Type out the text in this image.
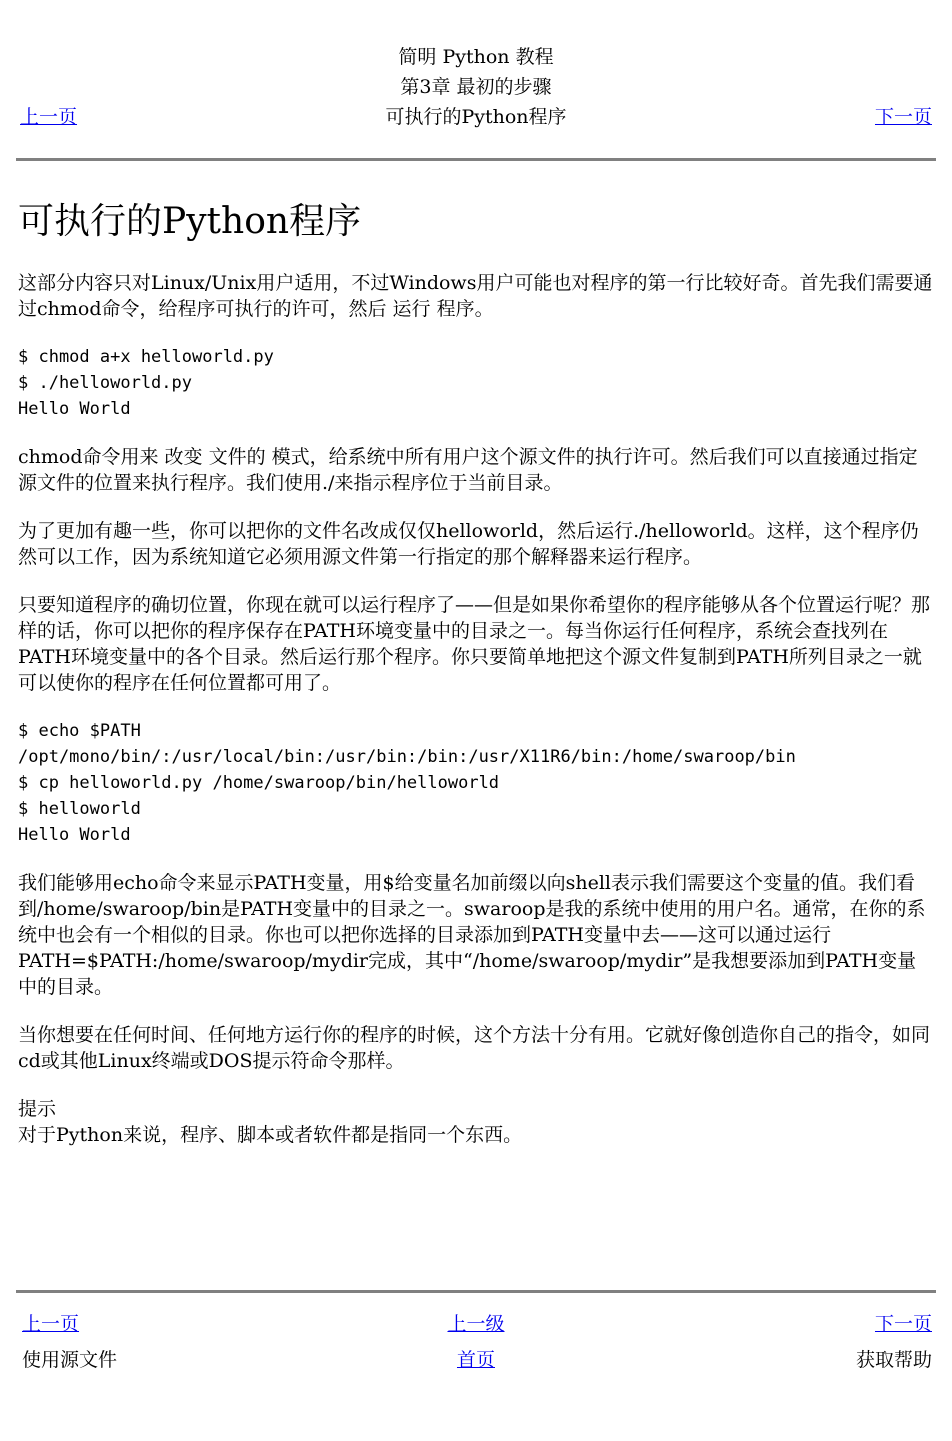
简明 Python 教程
第3章 最初的步骤
上一页	可执行的Python程序	下一页
可执行的Python程序

这部分内容只对Linux/Unix用户适用，不过Windows用户可能也对程序的第一行比较好奇。首先我们需要通过chmod命令，给程序可执行的许可，然后 运行 程序。

$ chmod a+x helloworld.py
$ ./helloworld.py
Hello World

chmod命令用来 改变 文件的 模式，给系统中所有用户这个源文件的执行许可。然后我们可以直接通过指定源文件的位置来执行程序。我们使用./来指示程序位于当前目录。

为了更加有趣一些，你可以把你的文件名改成仅仅helloworld，然后运行./helloworld。这样，这个程序仍然可以工作，因为系统知道它必须用源文件第一行指定的那个解释器来运行程序。

只要知道程序的确切位置，你现在就可以运行程序了——但是如果你希望你的程序能够从各个位置运行呢？那样的话，你可以把你的程序保存在PATH环境变量中的目录之一。每当你运行任何程序，系统会查找列在PATH环境变量中的各个目录。然后运行那个程序。你只要简单地把这个源文件复制到PATH所列目录之一就可以使你的程序在任何位置都可用了。

$ echo $PATH
/opt/mono/bin/:/usr/local/bin:/usr/bin:/bin:/usr/X11R6/bin:/home/swaroop/bin
$ cp helloworld.py /home/swaroop/bin/helloworld
$ helloworld
Hello World

我们能够用echo命令来显示PATH变量，用$给变量名加前缀以向shell表示我们需要这个变量的值。我们看到/home/swaroop/bin是PATH变量中的目录之一。swaroop是我的系统中使用的用户名。通常，在你的系统中也会有一个相似的目录。你也可以把你选择的目录添加到PATH变量中去——这可以通过运行PATH=$PATH:/home/swaroop/mydir完成，其中“/home/swaroop/mydir”是我想要添加到PATH变量中的目录。

当你想要在任何时间、任何地方运行你的程序的时候，这个方法十分有用。它就好像创造你自己的指令，如同cd或其他Linux终端或DOS提示符命令那样。

提示

对于Python来说，程序、脚本或者软件都是指同一个东西。

上一页	上一级	下一页
使用源文件	首页	获取帮助
